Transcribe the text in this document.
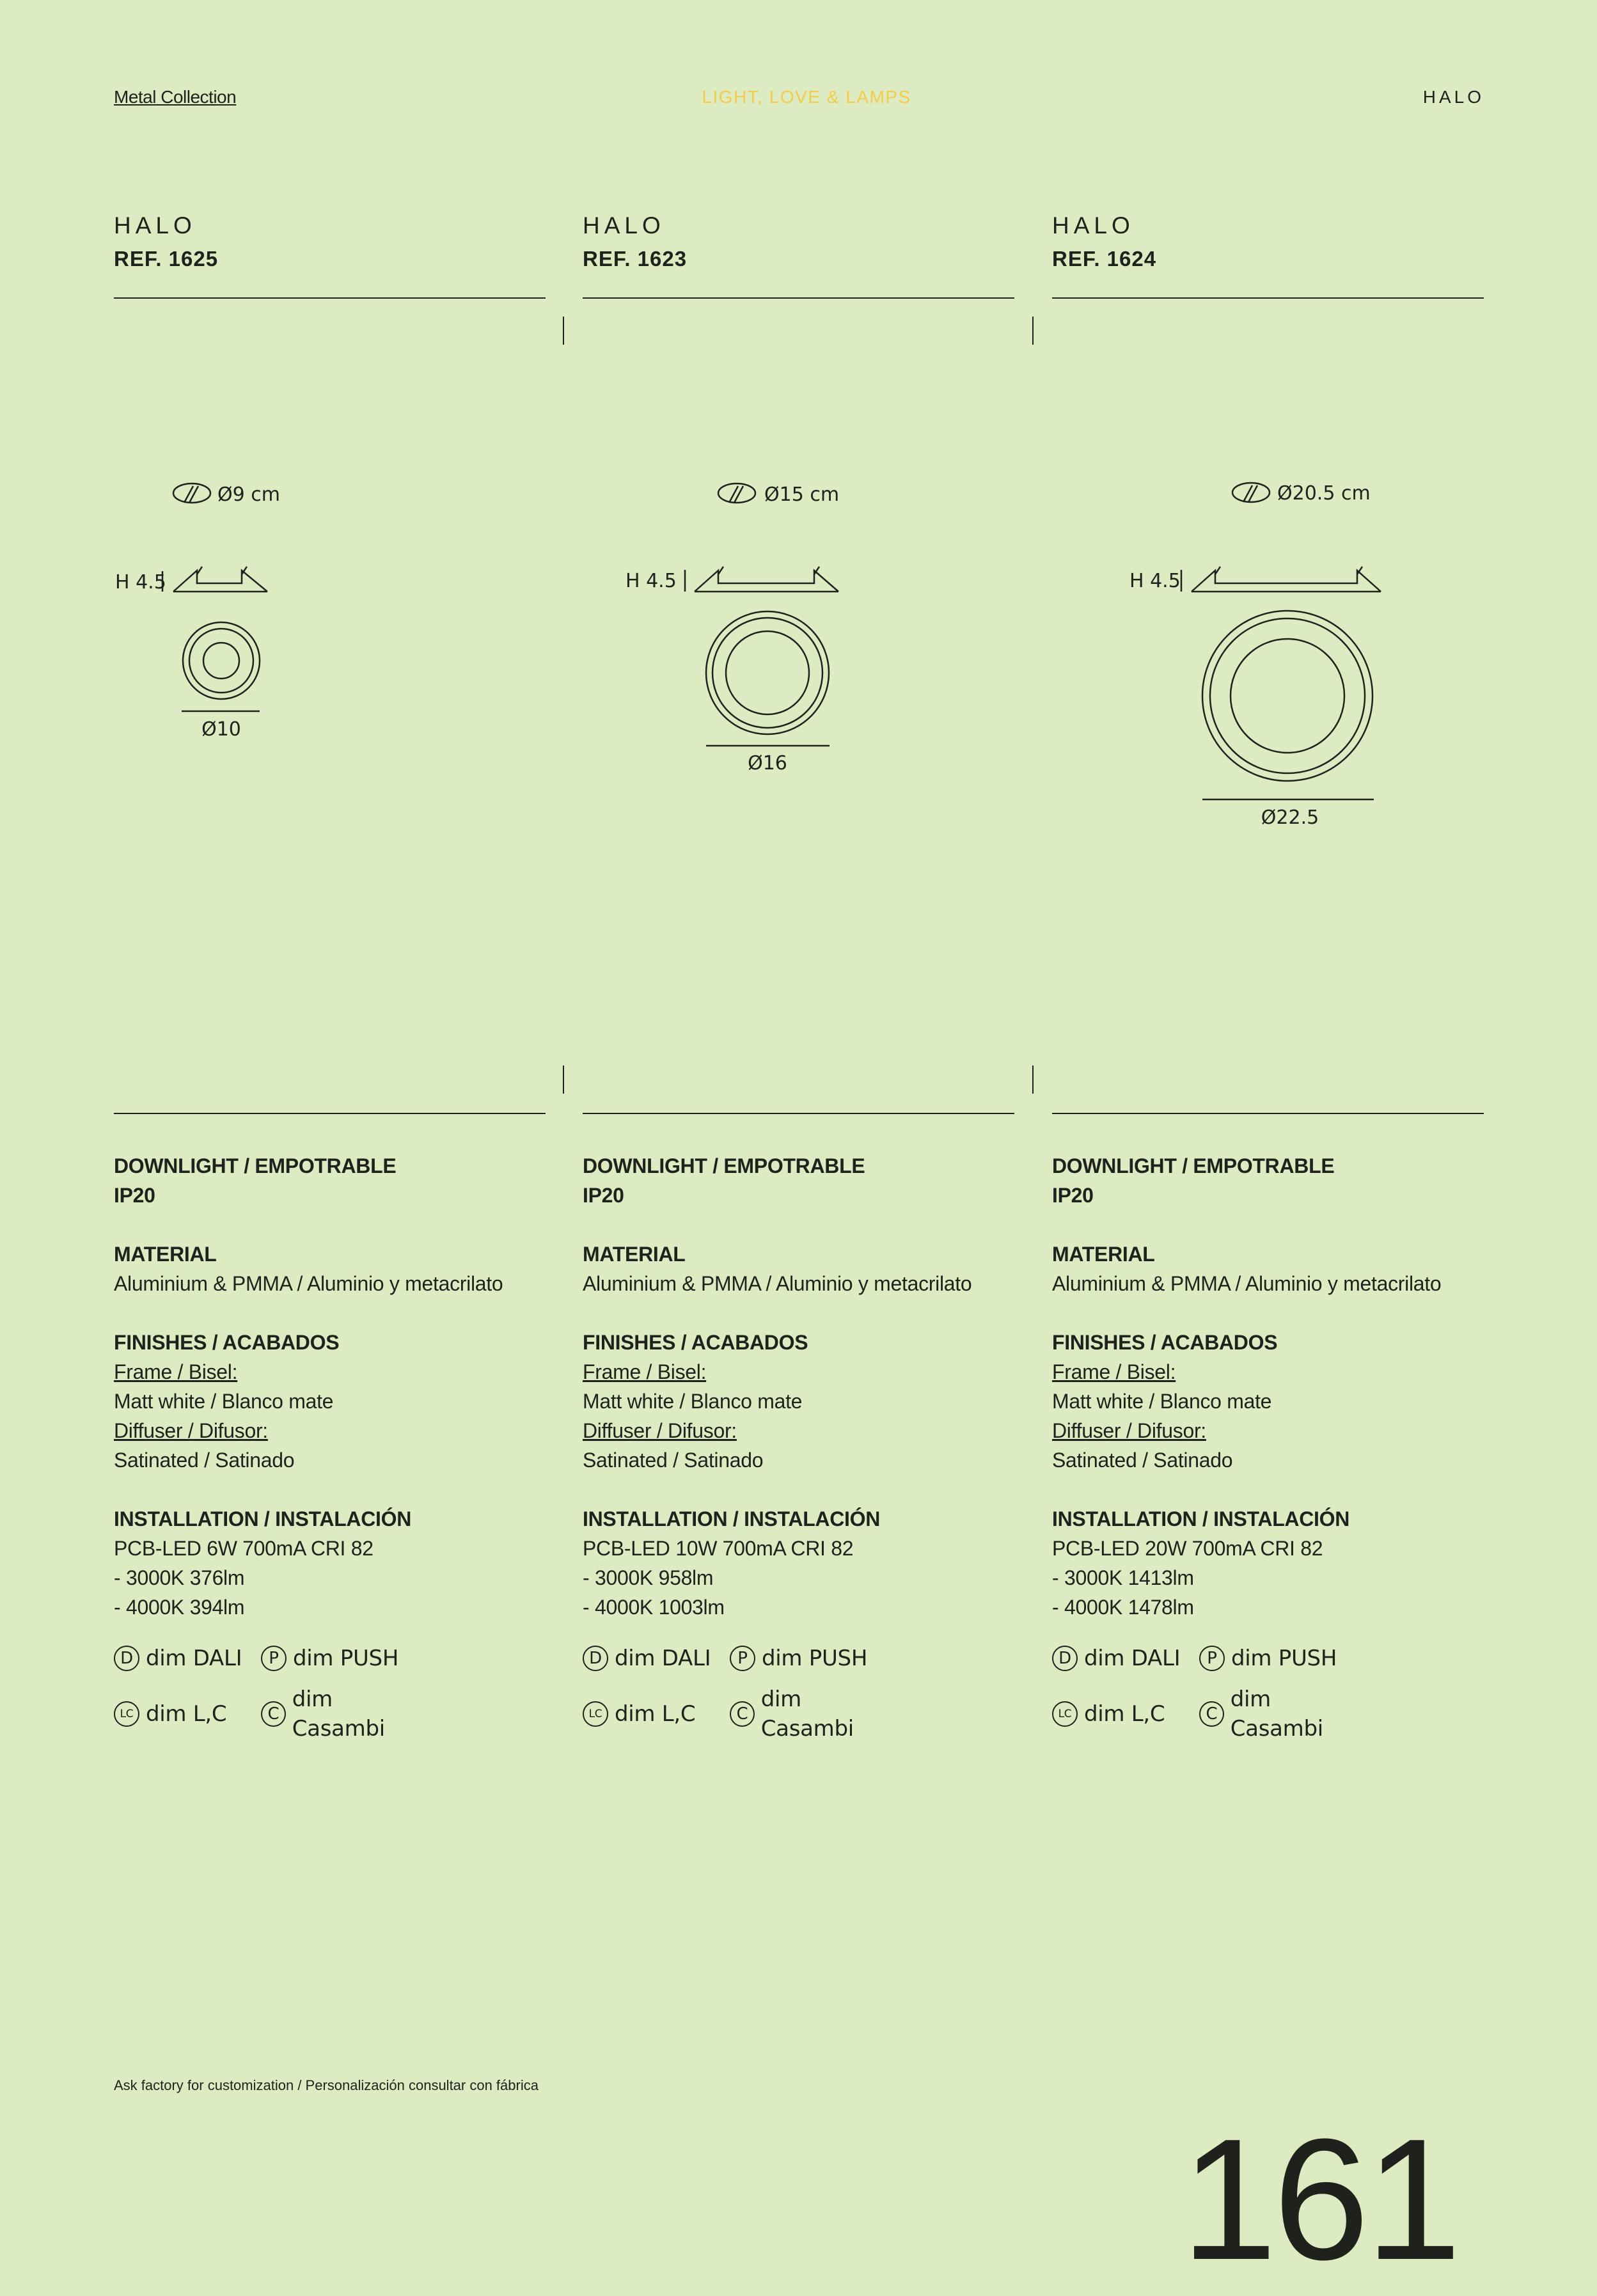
Metal Collection	LIGHT, LOVE & LAMPS	HALO
HALO
REF. 1625
Ø9 cm
H 4.5
Ø10
DOWNLIGHT / EMPOTRABLE
IP20
MATERIAL
Aluminium & PMMA / Aluminio y metacrilato
FINISHES / ACABADOS
Frame / Bisel:
Matt white / Blanco mate
Diffuser / Difusor:
Satinated / Satinado
INSTALLATION / INSTALACIÓN
PCB-LED 6W 700mA CRI 82
- 3000K 376lm
- 4000K 394lm
D dim DALI	P dim PUSH
LC dim L,C	C
dim Casambi
HALO
REF. 1623
Ø15 cm
H 4.5
Ø16
DOWNLIGHT / EMPOTRABLE
IP20
MATERIAL
Aluminium & PMMA / Aluminio y metacrilato
FINISHES / ACABADOS
Frame / Bisel:
Matt white / Blanco mate
Diffuser / Difusor:
Satinated / Satinado
INSTALLATION / INSTALACIÓN
PCB-LED 10W 700mA CRI 82
- 3000K 958lm
- 4000K 1003lm
D dim DALI	P dim PUSH
LC dim L,C	C
dim Casambi
HALO
REF. 1624
Ø20.5 cm
H 4.5
Ø22.5
DOWNLIGHT / EMPOTRABLE
IP20
MATERIAL
Aluminium & PMMA / Aluminio y metacrilato
FINISHES / ACABADOS
Frame / Bisel:
Matt white / Blanco mate
Diffuser / Difusor:
Satinated / Satinado
INSTALLATION / INSTALACIÓN
PCB-LED 20W 700mA CRI 82
- 3000K 1413lm
- 4000K 1478lm
D dim DALI	P dim PUSH
LC dim L,C	C
dim Casambi
Ask factory for customization / Personalización consultar con fábrica
161
